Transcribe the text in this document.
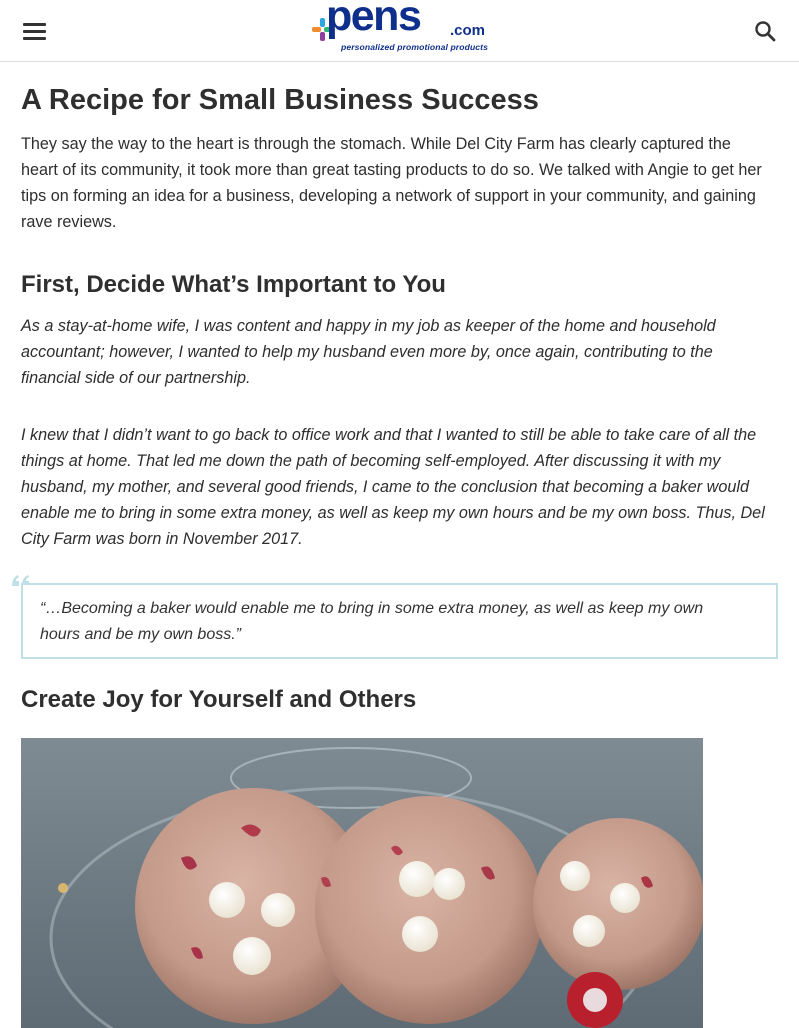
pens .com
personalized promotional products
A Recipe for Small Business Success

They say the way to the heart is through the stomach. While Del City Farm has clearly captured the heart of its community, it took more than great tasting products to do so. We talked with Angie to get her tips on forming an idea for a business, developing a network of support in your community, and gaining rave reviews.

First, Decide What’s Important to You

As a stay-at-home wife, I was content and happy in my job as keeper of the home and household accountant; however, I wanted to help my husband even more by, once again, contributing to the financial side of our partnership.

I knew that I didn’t want to go back to office work and that I wanted to still be able to take care of all the things at home. That led me down the path of becoming self-employed. After discussing it with my husband, my mother, and several good friends, I came to the conclusion that becoming a baker would enable me to bring in some extra money, as well as keep my own hours and be my own boss. Thus, Del City Farm was born in November 2017.

“…Becoming a baker would enable me to bring in some extra money, as well as keep my own hours and be my own boss.”

Create Joy for Yourself and Others
